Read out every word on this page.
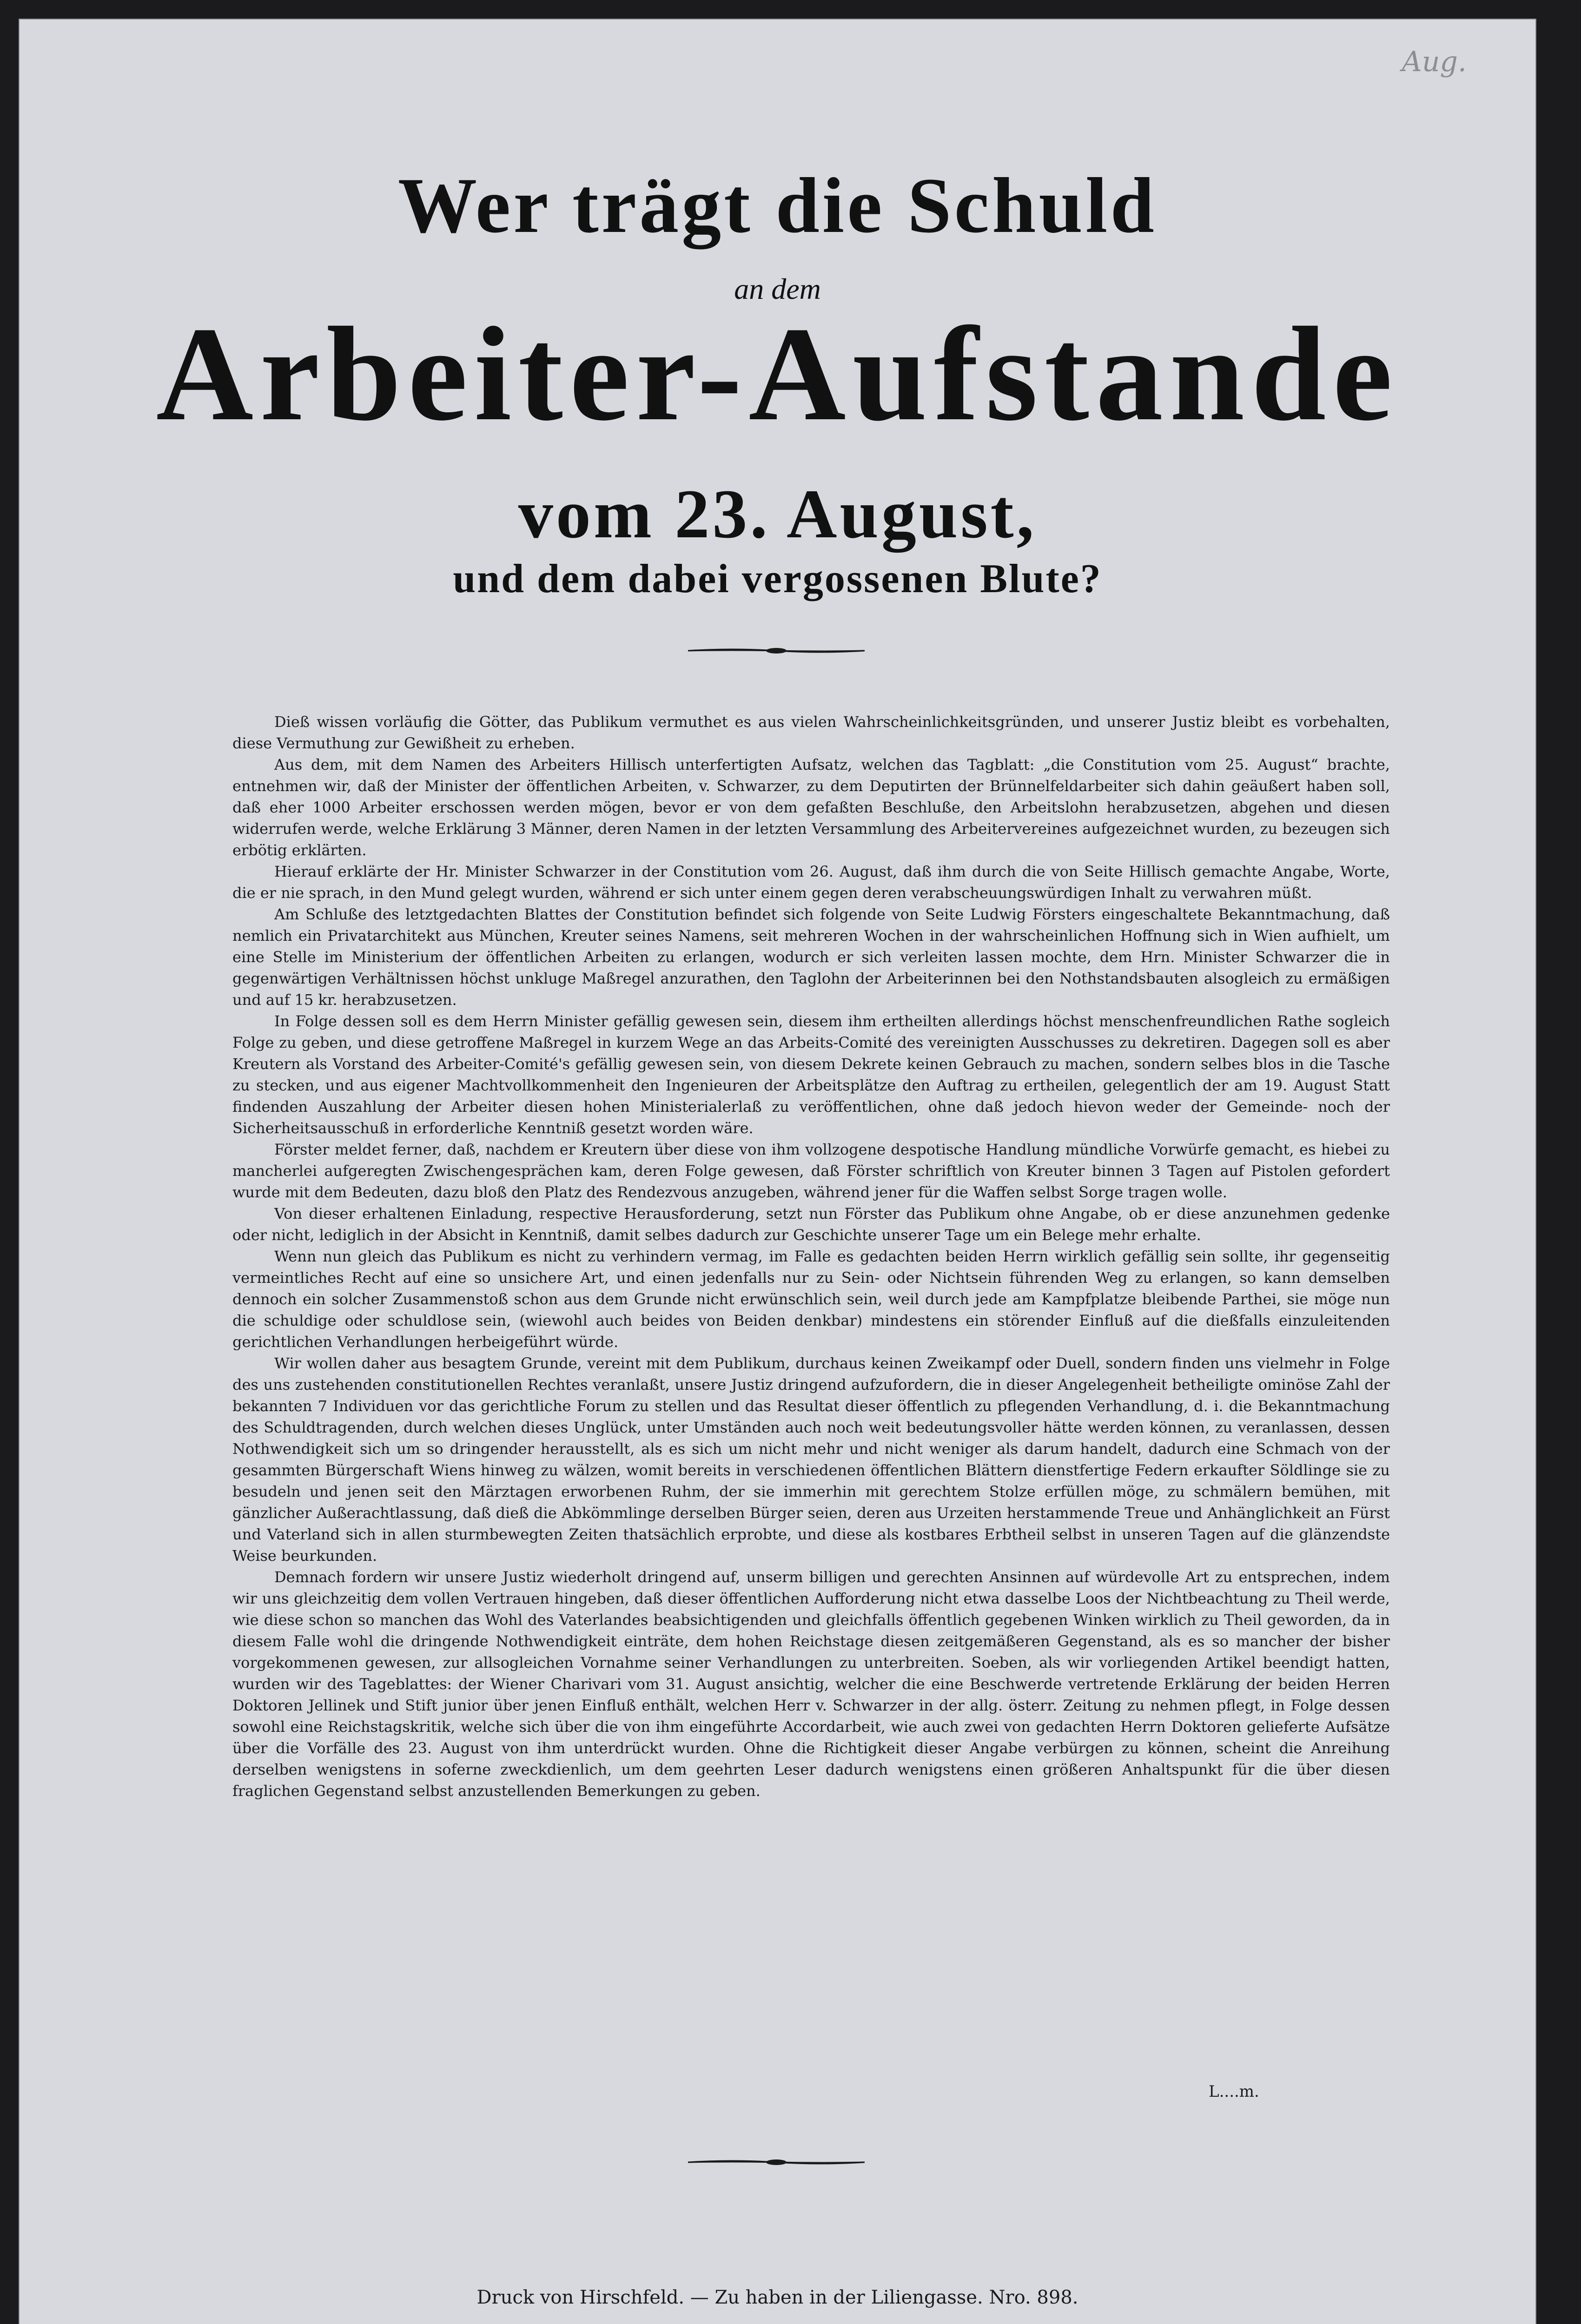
Aug.
Wer trägt die Schuld
an dem
Arbeiter-Aufstande
vom 23. August,
und dem dabei vergossenen Blute?

Dieß wissen vorläufig die Götter, das Publikum vermuthet es aus vielen Wahrscheinlichkeitsgründen, und unserer Justiz bleibt es vorbehalten, diese Vermuthung zur Gewißheit zu erheben.

Aus dem, mit dem Namen des Arbeiters Hillisch unterfertigten Aufsatz, welchen das Tagblatt: „die Constitution vom 25. August“ brachte, entnehmen wir, daß der Minister der öffentlichen Arbeiten, v. Schwarzer, zu dem Deputirten der Brünnelfeldarbeiter sich dahin geäußert haben soll, daß eher 1000 Arbeiter erschossen werden mögen, bevor er von dem gefaßten Beschluße, den Arbeitslohn herabzusetzen, abgehen und diesen widerrufen werde, welche Erklärung 3 Männer, deren Namen in der letzten Versammlung des Arbeitervereines aufgezeichnet wurden, zu bezeugen sich erbötig erklärten.

Hierauf erklärte der Hr. Minister Schwarzer in der Constitution vom 26. August, daß ihm durch die von Seite Hillisch gemachte Angabe, Worte, die er nie sprach, in den Mund gelegt wurden, während er sich unter einem gegen deren verabscheuungswürdigen Inhalt zu verwahren müßt.

Am Schluße des letztgedachten Blattes der Constitution befindet sich folgende von Seite Ludwig Försters eingeschaltete Bekanntmachung, daß nemlich ein Privatarchitekt aus München, Kreuter seines Namens, seit mehreren Wochen in der wahrscheinlichen Hoffnung sich in Wien aufhielt, um eine Stelle im Ministerium der öffentlichen Arbeiten zu erlangen, wodurch er sich verleiten lassen mochte, dem Hrn. Minister Schwarzer die in gegenwärtigen Verhältnissen höchst unkluge Maßregel anzurathen, den Taglohn der Arbeiterinnen bei den Nothstandsbauten alsogleich zu ermäßigen und auf 15 kr. herabzusetzen.

In Folge dessen soll es dem Herrn Minister gefällig gewesen sein, diesem ihm ertheilten allerdings höchst menschenfreundlichen Rathe sogleich Folge zu geben, und diese getroffene Maßregel in kurzem Wege an das Arbeits-Comité des vereinigten Ausschusses zu dekretiren. Dagegen soll es aber Kreutern als Vorstand des Arbeiter-Comité's gefällig gewesen sein, von diesem Dekrete keinen Gebrauch zu machen, sondern selbes blos in die Tasche zu stecken, und aus eigener Machtvollkommenheit den Ingenieuren der Arbeitsplätze den Auftrag zu ertheilen, gelegentlich der am 19. August Statt findenden Auszahlung der Arbeiter diesen hohen Ministerialerlaß zu veröffentlichen, ohne daß jedoch hievon weder der Gemeinde- noch der Sicherheitsausschuß in erforderliche Kenntniß gesetzt worden wäre.

Förster meldet ferner, daß, nachdem er Kreutern über diese von ihm vollzogene despotische Handlung mündliche Vorwürfe gemacht, es hiebei zu mancherlei aufgeregten Zwischengesprächen kam, deren Folge gewesen, daß Förster schriftlich von Kreuter binnen 3 Tagen auf Pistolen gefordert wurde mit dem Bedeuten, dazu bloß den Platz des Rendezvous anzugeben, während jener für die Waffen selbst Sorge tragen wolle.

Von dieser erhaltenen Einladung, respective Herausforderung, setzt nun Förster das Publikum ohne Angabe, ob er diese anzunehmen gedenke oder nicht, lediglich in der Absicht in Kenntniß, damit selbes dadurch zur Geschichte unserer Tage um ein Belege mehr erhalte.

Wenn nun gleich das Publikum es nicht zu verhindern vermag, im Falle es gedachten beiden Herrn wirklich gefällig sein sollte, ihr gegenseitig vermeintliches Recht auf eine so unsichere Art, und einen jedenfalls nur zu Sein- oder Nichtsein führenden Weg zu erlangen, so kann demselben dennoch ein solcher Zusammenstoß schon aus dem Grunde nicht erwünschlich sein, weil durch jede am Kampfplatze bleibende Parthei, sie möge nun die schuldige oder schuldlose sein, (wiewohl auch beides von Beiden denkbar) mindestens ein störender Einfluß auf die dießfalls einzuleitenden gerichtlichen Verhandlungen herbeigeführt würde.

Wir wollen daher aus besagtem Grunde, vereint mit dem Publikum, durchaus keinen Zweikampf oder Duell, sondern finden uns vielmehr in Folge des uns zustehenden constitutionellen Rechtes veranlaßt, unsere Justiz dringend aufzufordern, die in dieser Angelegenheit betheiligte ominöse Zahl der bekannten 7 Individuen vor das gerichtliche Forum zu stellen und das Resultat dieser öffentlich zu pflegenden Verhandlung, d. i. die Bekanntmachung des Schuldtragenden, durch welchen dieses Unglück, unter Umständen auch noch weit bedeutungsvoller hätte werden können, zu veranlassen, dessen Nothwendigkeit sich um so dringender herausstellt, als es sich um nicht mehr und nicht weniger als darum handelt, dadurch eine Schmach von der gesammten Bürgerschaft Wiens hinweg zu wälzen, womit bereits in verschiedenen öffentlichen Blättern dienstfertige Federn erkaufter Söldlinge sie zu besudeln und jenen seit den Märztagen erworbenen Ruhm, der sie immerhin mit gerechtem Stolze erfüllen möge, zu schmälern bemühen, mit gänzlicher Außerachtlassung, daß dieß die Abkömmlinge derselben Bürger seien, deren aus Urzeiten herstammende Treue und Anhänglichkeit an Fürst und Vaterland sich in allen sturmbewegten Zeiten thatsächlich erprobte, und diese als kostbares Erbtheil selbst in unseren Tagen auf die glänzendste Weise beurkunden.

Demnach fordern wir unsere Justiz wiederholt dringend auf, unserm billigen und gerechten Ansinnen auf würdevolle Art zu entsprechen, indem wir uns gleichzeitig dem vollen Vertrauen hingeben, daß dieser öffentlichen Aufforderung nicht etwa dasselbe Loos der Nichtbeachtung zu Theil werde, wie diese schon so manchen das Wohl des Vaterlandes beabsichtigenden und gleichfalls öffentlich gegebenen Winken wirklich zu Theil geworden, da in diesem Falle wohl die dringende Nothwendigkeit einträte, dem hohen Reichstage diesen zeitgemäßeren Gegenstand, als es so mancher der bisher vorgekommenen gewesen, zur allsogleichen Vornahme seiner Verhandlungen zu unterbreiten. Soeben, als wir vorliegenden Artikel beendigt hatten, wurden wir des Tageblattes: der Wiener Charivari vom 31. August ansichtig, welcher die eine Beschwerde vertretende Erklärung der beiden Herren Doktoren Jellinek und Stift junior über jenen Einfluß enthält, welchen Herr v. Schwarzer in der allg. österr. Zeitung zu nehmen pflegt, in Folge dessen sowohl eine Reichstagskritik, welche sich über die von ihm eingeführte Accordarbeit, wie auch zwei von gedachten Herrn Doktoren gelieferte Aufsätze über die Vorfälle des 23. August von ihm unterdrückt wurden. Ohne die Richtigkeit dieser Angabe verbürgen zu können, scheint die Anreihung derselben wenigstens in soferne zweckdienlich, um dem geehrten Leser dadurch wenigstens einen größeren Anhaltspunkt für die über diesen fraglichen Gegenstand selbst anzustellenden Bemerkungen zu geben.

L....m.
Druck von Hirschfeld. — Zu haben in der Liliengasse. Nro. 898.
